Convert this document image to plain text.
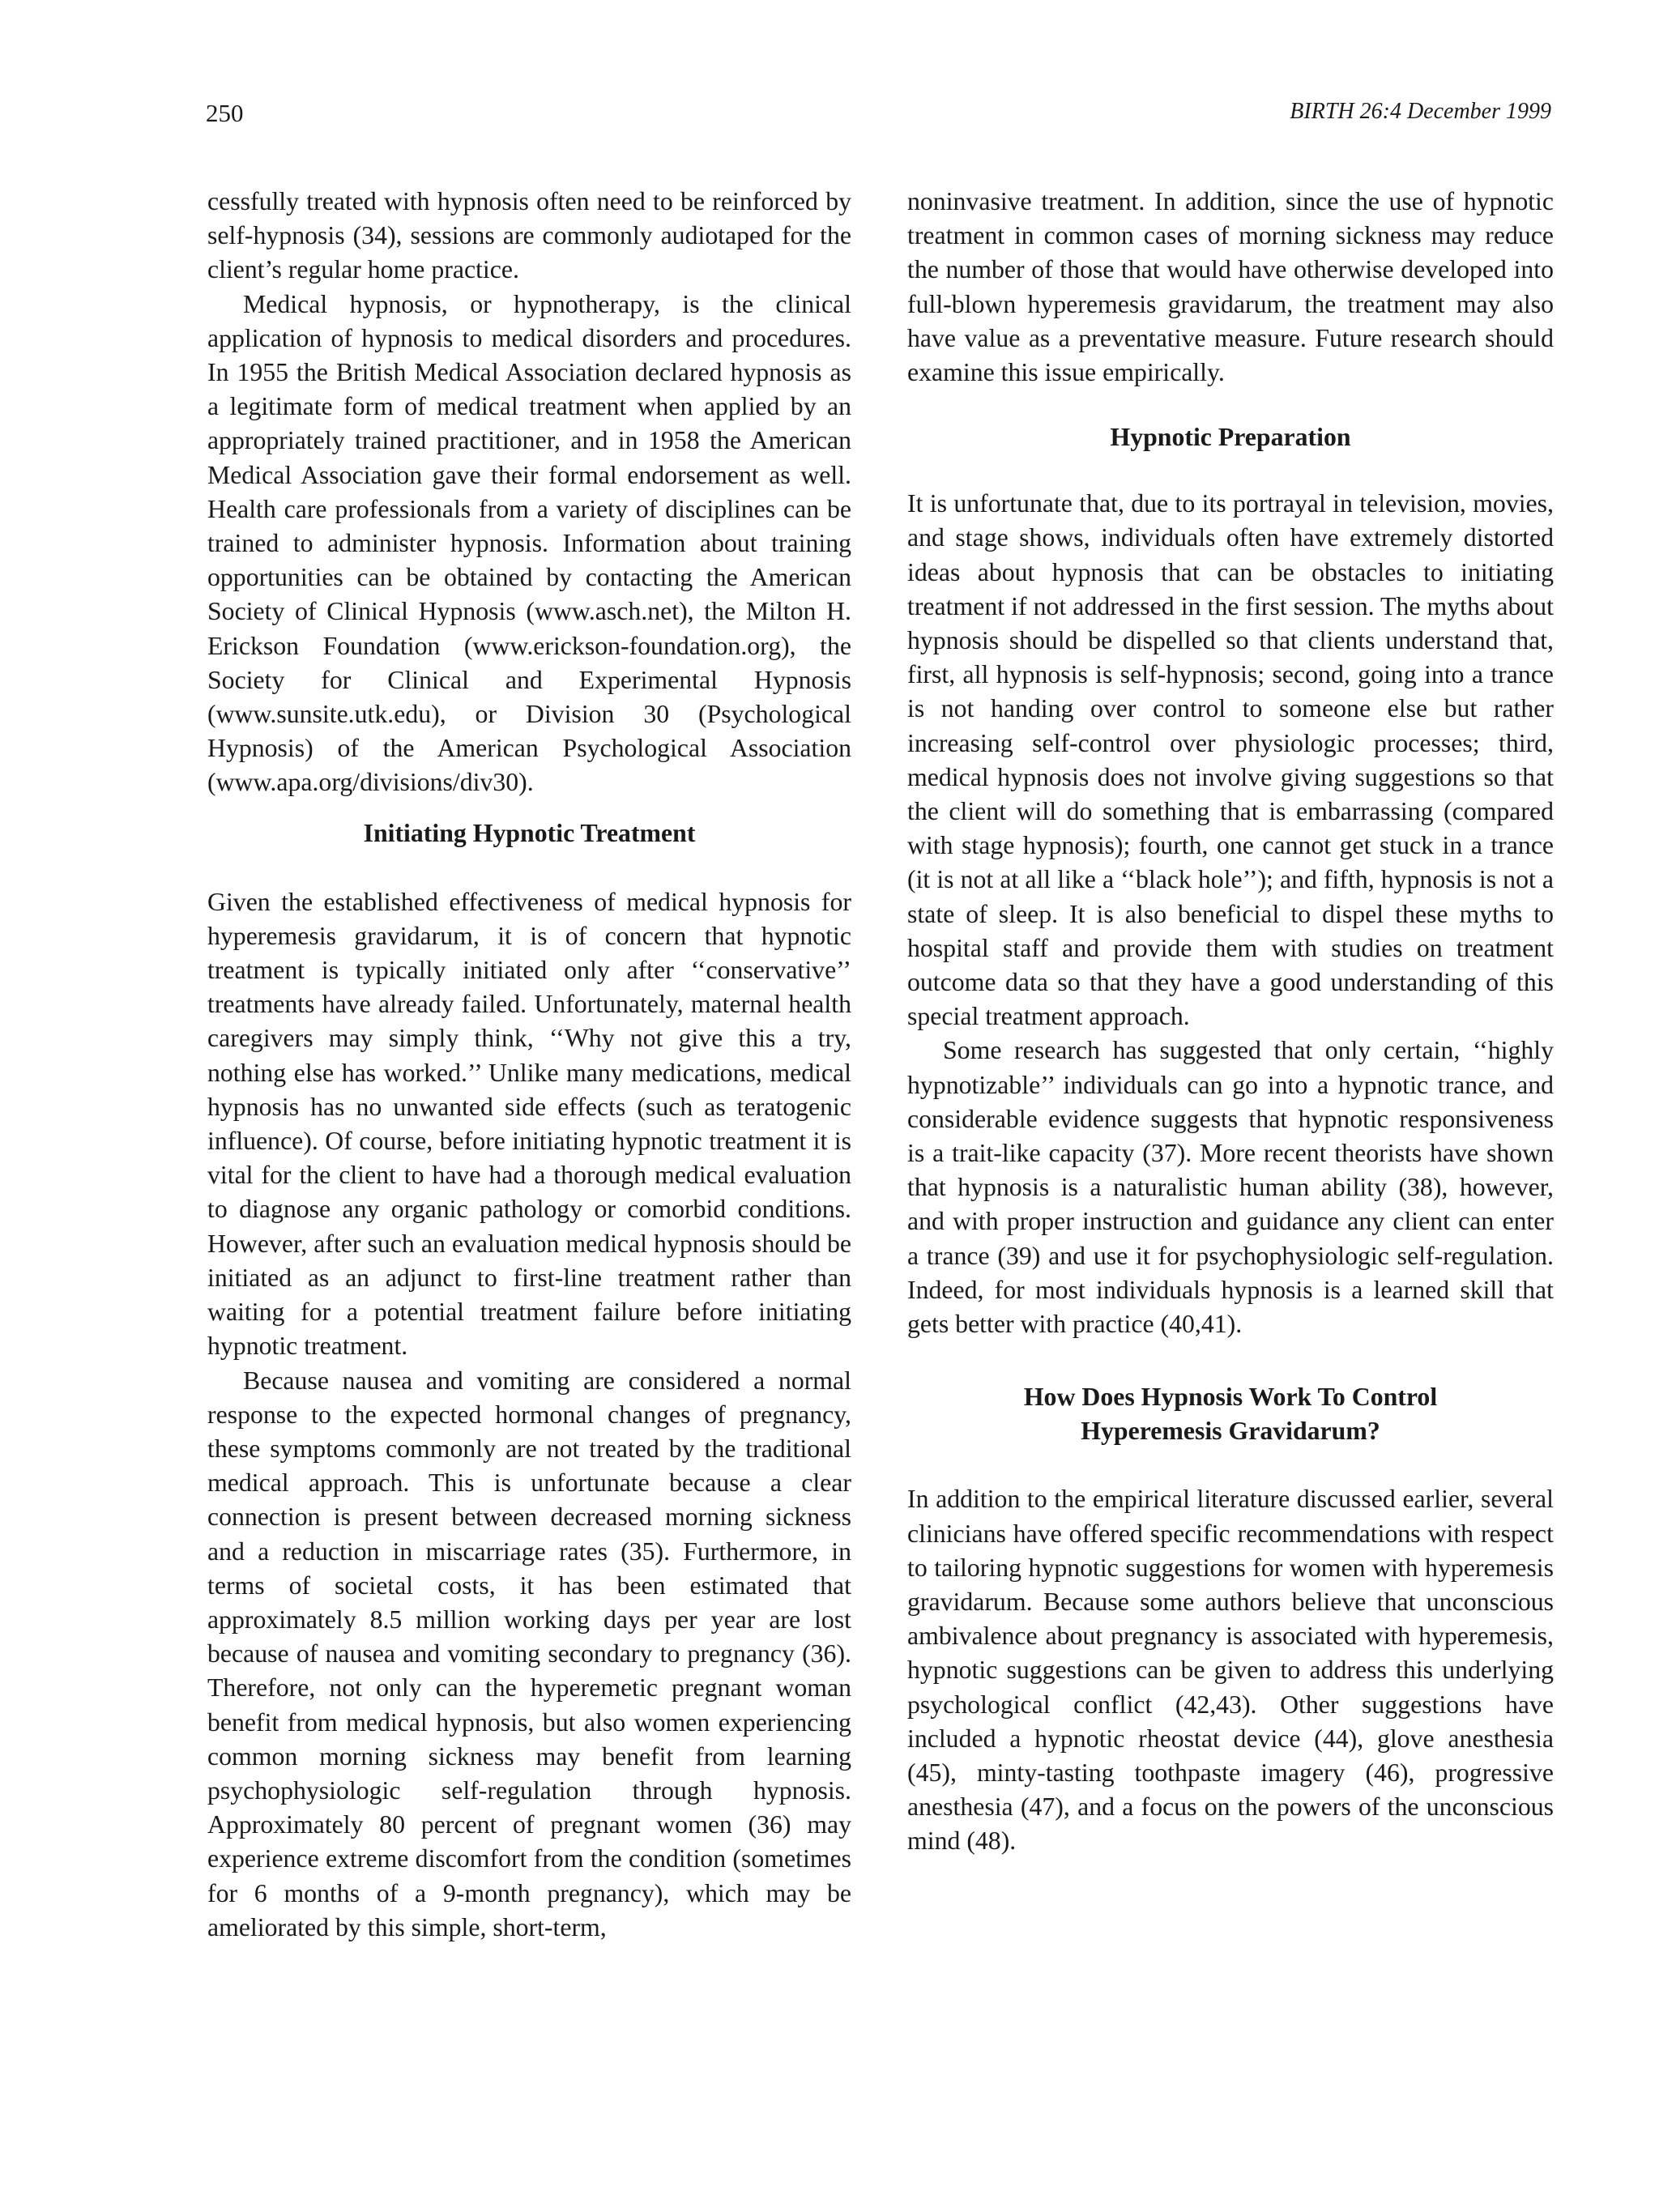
250	BIRTH 26:4 December 1999

cessfully treated with hypnosis often need to be reinforced by self-hypnosis (34), sessions are commonly audiotaped for the client’s regular home practice.

Medical hypnosis, or hypnotherapy, is the clinical application of hypnosis to medical disorders and procedures. In 1955 the British Medical Association declared hypnosis as a legitimate form of medical treatment when applied by an appropriately trained practitioner, and in 1958 the American Medical Association gave their formal endorsement as well. Health care professionals from a variety of disciplines can be trained to administer hypnosis. Information about training opportunities can be obtained by contacting the American Society of Clinical Hypnosis (www.asch.net), the Milton H. Erickson Foundation (www.erickson-foundation.org), the Society for Clinical and Experimental Hypnosis (www.sunsite.utk.edu), or Division 30 (Psychological Hypnosis) of the American Psychological Association (www.apa.org/divisions/div30).

Initiating Hypnotic Treatment

Given the established effectiveness of medical hypnosis for hyperemesis gravidarum, it is of concern that hypnotic treatment is typically initiated only after ‘‘conservative’’ treatments have already failed. Unfortunately, maternal health caregivers may simply think, ‘‘Why not give this a try, nothing else has worked.’’ Unlike many medications, medical hypnosis has no unwanted side effects (such as teratogenic influence). Of course, before initiating hypnotic treatment it is vital for the client to have had a thorough medical evaluation to diagnose any organic pathology or comorbid conditions. However, after such an evaluation medical hypnosis should be initiated as an adjunct to first-line treatment rather than waiting for a potential treatment failure before initiating hypnotic treatment.

Because nausea and vomiting are considered a normal response to the expected hormonal changes of pregnancy, these symptoms commonly are not treated by the traditional medical approach. This is unfortunate because a clear connection is present between decreased morning sickness and a reduction in miscarriage rates (35). Furthermore, in terms of societal costs, it has been estimated that approximately 8.5 million working days per year are lost because of nausea and vomiting secondary to pregnancy (36). Therefore, not only can the hyperemetic pregnant woman benefit from medical hypnosis, but also women experiencing common morning sickness may benefit from learning psychophysiologic self-regulation through hypnosis. Approximately 80 percent of pregnant women (36) may experience extreme discomfort from the condition (sometimes for 6 months of a 9-month pregnancy), which may be ameliorated by this simple, short-term,

noninvasive treatment. In addition, since the use of hypnotic treatment in common cases of morning sickness may reduce the number of those that would have otherwise developed into full-blown hyperemesis gravidarum, the treatment may also have value as a preventative measure. Future research should examine this issue empirically.

Hypnotic Preparation

It is unfortunate that, due to its portrayal in television, movies, and stage shows, individuals often have extremely distorted ideas about hypnosis that can be obstacles to initiating treatment if not addressed in the first session. The myths about hypnosis should be dispelled so that clients understand that, first, all hypnosis is self-hypnosis; second, going into a trance is not handing over control to someone else but rather increasing self-control over physiologic processes; third, medical hypnosis does not involve giving suggestions so that the client will do something that is embarrassing (compared with stage hypnosis); fourth, one cannot get stuck in a trance (it is not at all like a ‘‘black hole’’); and fifth, hypnosis is not a state of sleep. It is also beneficial to dispel these myths to hospital staff and provide them with studies on treatment outcome data so that they have a good understanding of this special treatment approach.

Some research has suggested that only certain, ‘‘highly hypnotizable’’ individuals can go into a hypnotic trance, and considerable evidence suggests that hypnotic responsiveness is a trait-like capacity (37). More recent theorists have shown that hypnosis is a naturalistic human ability (38), however, and with proper instruction and guidance any client can enter a trance (39) and use it for psychophysiologic self-regulation. Indeed, for most individuals hypnosis is a learned skill that gets better with practice (40,41).

How Does Hypnosis Work To Control
Hyperemesis Gravidarum?

In addition to the empirical literature discussed earlier, several clinicians have offered specific recommendations with respect to tailoring hypnotic suggestions for women with hyperemesis gravidarum. Because some authors believe that unconscious ambivalence about pregnancy is associated with hyperemesis, hypnotic suggestions can be given to address this underlying psychological conflict (42,43). Other suggestions have included a hypnotic rheostat device (44), glove anesthesia (45), minty-tasting toothpaste imagery (46), progressive anesthesia (47), and a focus on the powers of the unconscious mind (48).
